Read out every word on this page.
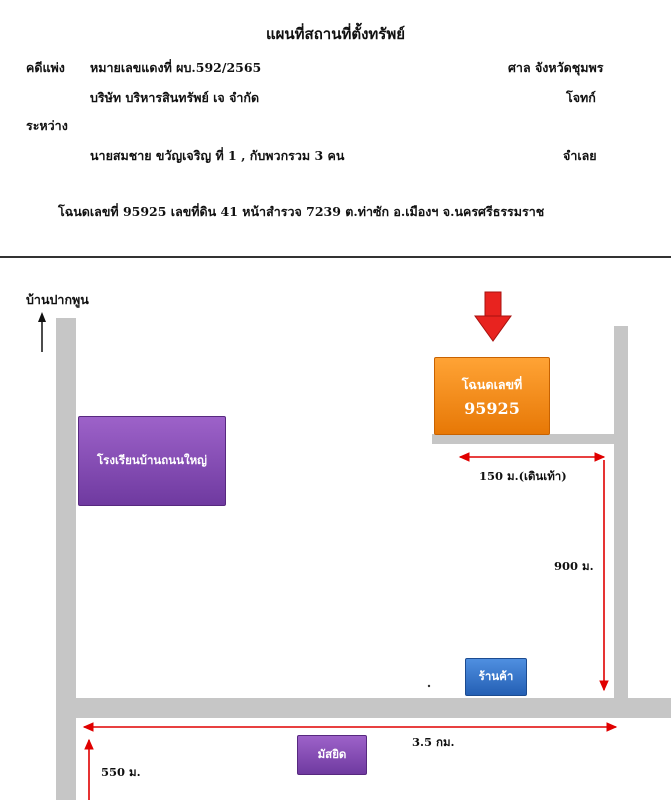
แผนที่สถานที่ตั้งทรัพย์
คดีแพ่ง หมายเลขแดงที่ ผบ.592/2565	ศาล จังหวัดชุมพร
บริษัท บริหารสินทรัพย์ เจ จำกัด	โจทก์
ระหว่าง
นายสมชาย ขวัญเจริญ ที่ 1 , กับพวกรวม 3 คน	จำเลย
โฉนดเลขที่ 95925 เลขที่ดิน 41 หน้าสำรวจ 7239 ต.ท่าซัก อ.เมืองฯ จ.นครศรีธรรมราช
บ้านปากพูน
โรงเรียนบ้านถนนใหญ่
โฉนดเลขที่
95925
ร้านค้า
มัสยิด
150 ม.(เดินเท้า)
900 ม.
3.5 กม.
550 ม.
